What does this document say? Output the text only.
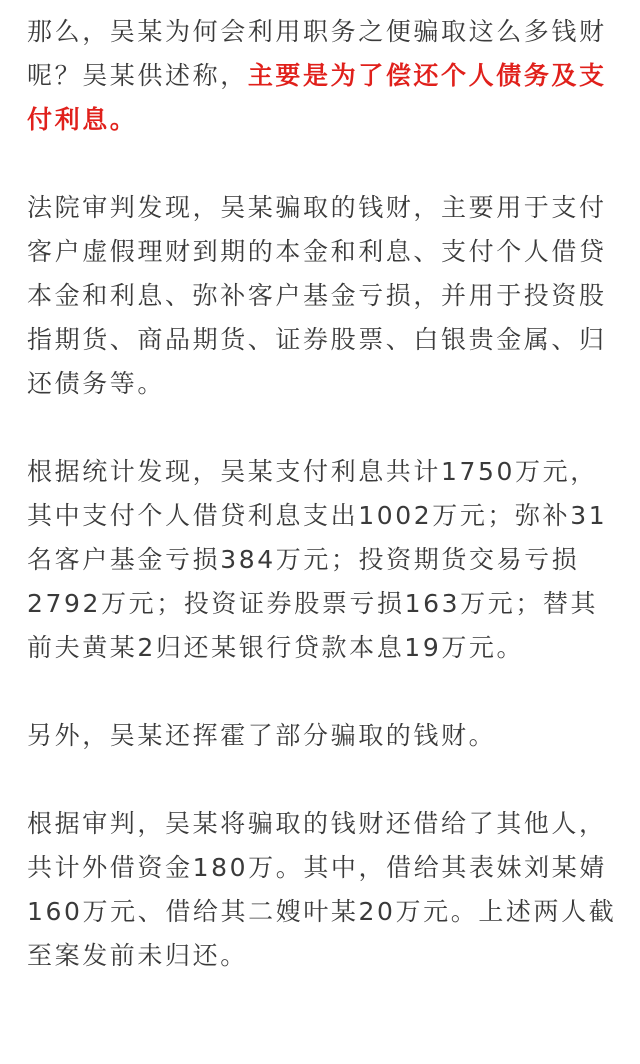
那么，吴某为何会利用职务之便骗取这么多钱财
呢？吴某供述称，主要是为了偿还个人债务及支
付利息。
法院审判发现，吴某骗取的钱财，主要用于支付
客户虚假理财到期的本金和利息、支付个人借贷
本金和利息、弥补客户基金亏损，并用于投资股
指期货、商品期货、证券股票、白银贵金属、归
还债务等。
根据统计发现，吴某支付利息共计1750万元，
其中支付个人借贷利息支出1002万元；弥补31
名客户基金亏损384万元；投资期货交易亏损
2792万元；投资证券股票亏损163万元；替其
前夫黄某2归还某银行贷款本息19万元。
另外，吴某还挥霍了部分骗取的钱财。
根据审判，吴某将骗取的钱财还借给了其他人，
共计外借资金180万。其中，借给其表妹刘某婧
160万元、借给其二嫂叶某20万元。上述两人截
至案发前未归还。
